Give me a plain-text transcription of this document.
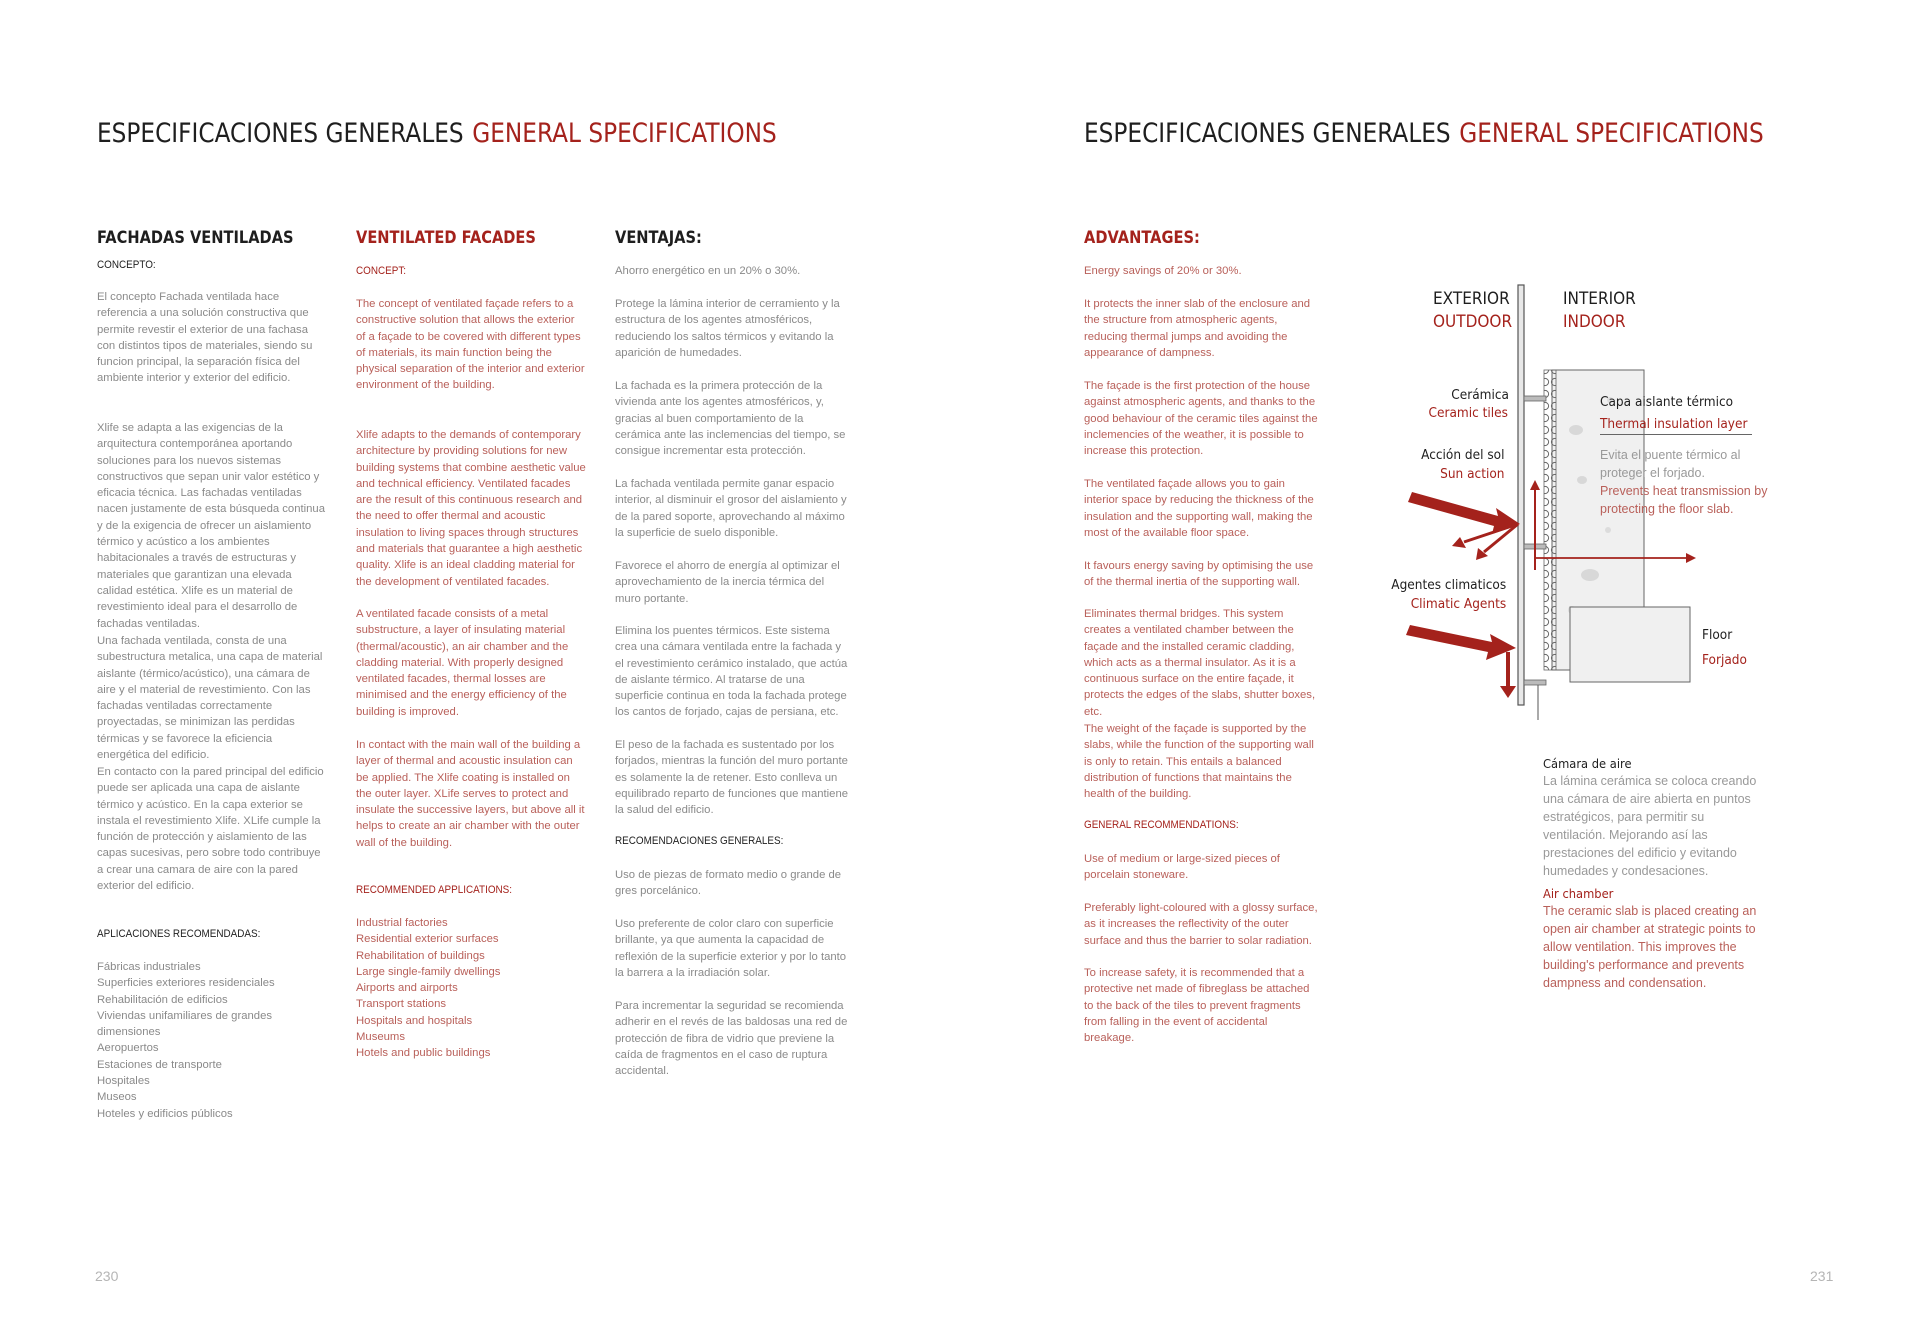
ESPECIFICACIONES GENERALES GENERAL SPECIFICATIONS
FACHADAS VENTILADAS
CONCEPTO:

El concepto Fachada ventilada hace referencia a una solución constructiva que permite revestir el exterior de una fachasa con distintos tipos de materiales, siendo su funcion principal, la separación física del ambiente interior y exterior del edificio.

Xlife se adapta a las exigencias de la arquitectura contemporánea aportando soluciones para los nuevos sistemas constructivos que sepan unir valor estético y eficacia técnica. Las fachadas ventiladas nacen justamente de esta búsqueda continua y de la exigencia de ofrecer un aislamiento térmico y acústico a los ambientes habitacionales a través de estructuras y materiales que garantizan una elevada calidad estética. Xlife es un material de revestimiento ideal para el desarrollo de fachadas ventiladas.

Una fachada ventilada, consta de una subestructura metalica, una capa de material aislante (térmico/acústico), una cámara de aire y el material de revestimiento. Con las fachadas ventiladas correctamente proyectadas, se minimizan las perdidas térmicas y se favorece la eficiencia energética del edificio.

En contacto con la pared principal del edificio puede ser aplicada una capa de aislante térmico y acústico. En la capa exterior se instala el revestimiento Xlife. XLife cumple la función de protección y aislamiento de las capas sucesivas, pero sobre todo contribuye a crear una camara de aire con la pared exterior del edificio.

APLICACIONES RECOMENDADAS:
Fábricas industriales
Superficies exteriores residenciales
Rehabilitación de edificios
Viviendas unifamiliares de grandes dimensiones
Aeropuertos
Estaciones de transporte
Hospitales
Museos
Hoteles y edificios públicos
VENTILATED FACADES
CONCEPT:

The concept of ventilated façade refers to a constructive solution that allows the exterior of a façade to be covered with different types of materials, its main function being the physical separation of the interior and exterior environment of the building.

Xlife adapts to the demands of contemporary architecture by providing solutions for new building systems that combine aesthetic value and technical efficiency. Ventilated facades are the result of this continuous research and the need to offer thermal and acoustic insulation to living spaces through structures and materials that guarantee a high aesthetic quality. Xlife is an ideal cladding material for the development of ventilated facades.

A ventilated facade consists of a metal substructure, a layer of insulating material (thermal/acoustic), an air chamber and the cladding material. With properly designed ventilated facades, thermal losses are minimised and the energy efficiency of the building is improved.

In contact with the main wall of the building a layer of thermal and acoustic insulation can be applied. The Xlife coating is installed on the outer layer. XLife serves to protect and insulate the successive layers, but above all it helps to create an air chamber with the outer wall of the building.

RECOMMENDED APPLICATIONS:
Industrial factories
Residential exterior surfaces
Rehabilitation of buildings
Large single-family dwellings
Airports and airports
Transport stations
Hospitals and hospitals
Museums
Hotels and public buildings
VENTAJAS:

Ahorro energético en un 20% o 30%.

Protege la lámina interior de cerramiento y la estructura de los agentes atmosféricos, reduciendo los saltos térmicos y evitando la aparición de humedades.

La fachada es la primera protección de la vivienda ante los agentes atmosféricos, y, gracias al buen comportamiento de la cerámica ante las inclemencias del tiempo, se consigue incrementar esta protección.

La fachada ventilada permite ganar espacio interior, al disminuir el grosor del aislamiento y de la pared soporte, aprovechando al máximo la superficie de suelo disponible.

Favorece el ahorro de energía al optimizar el aprovechamiento de la inercia térmica del muro portante.

Elimina los puentes térmicos. Este sistema crea una cámara ventilada entre la fachada y el revestimiento cerámico instalado, que actúa de aislante térmico. Al tratarse de una superficie continua en toda la fachada protege los cantos de forjado, cajas de persiana, etc.

El peso de la fachada es sustentado por los forjados, mientras la función del muro portante es solamente la de retener. Esto conlleva un equilibrado reparto de funciones que mantiene la salud del edificio.

RECOMENDACIONES GENERALES:

Uso de piezas de formato medio o grande de gres porcelánico.

Uso preferente de color claro con superficie brillante, ya que aumenta la capacidad de reflexión de la superficie exterior y por lo tanto la barrera a la irradiación solar.

Para incrementar la seguridad se recomienda adherir en el revés de las baldosas una red de protección de fibra de vidrio que previene la caída de fragmentos en el caso de ruptura accidental.

230
ESPECIFICACIONES GENERALES GENERAL SPECIFICATIONS
ADVANTAGES:

Energy savings of 20% or 30%.

It protects the inner slab of the enclosure and the structure from atmospheric agents, reducing thermal jumps and avoiding the appearance of dampness.

The façade is the first protection of the house against atmospheric agents, and thanks to the good behaviour of the ceramic tiles against the inclemencies of the weather, it is possible to increase this protection.

The ventilated façade allows you to gain interior space by reducing the thickness of the insulation and the supporting wall, making the most of the available floor space.

It favours energy saving by optimising the use of the thermal inertia of the supporting wall.

Eliminates thermal bridges. This system creates a ventilated chamber between the façade and the installed ceramic cladding, which acts as a thermal insulator. As it is a continuous surface on the entire façade, it protects the edges of the slabs, shutter boxes, etc.

The weight of the façade is supported by the slabs, while the function of the supporting wall is only to retain. This entails a balanced distribution of functions that maintains the health of the building.

GENERAL RECOMMENDATIONS:

Use of medium or large-sized pieces of porcelain stoneware.

Preferably light-coloured with a glossy surface, as it increases the reflectivity of the outer surface and thus the barrier to solar radiation.

To increase safety, it is recommended that a protective net made of fibreglass be attached to the back of the tiles to prevent fragments from falling in the event of accidental breakage.

EXTERIOR
OUTDOOR
INTERIOR
INDOOR
Cerámica
Ceramic tiles
Acción del sol
Sun action
Agentes climaticos
Climatic Agents
Capa aislante térmico
Thermal insulation layer

Evita el puente térmico al proteger el forjado.

Prevents heat transmission by protecting the floor slab.

Floor
Forjado
Cámara de aire

La lámina cerámica se coloca creando una cámara de aire abierta en puntos estratégicos, para permitir su ventilación. Mejorando así las prestaciones del edificio y evitando humedades y condesaciones.

Air chamber

The ceramic slab is placed creating an open air chamber at strategic points to allow ventilation. This improves the building's performance and prevents dampness and condensation.

231
